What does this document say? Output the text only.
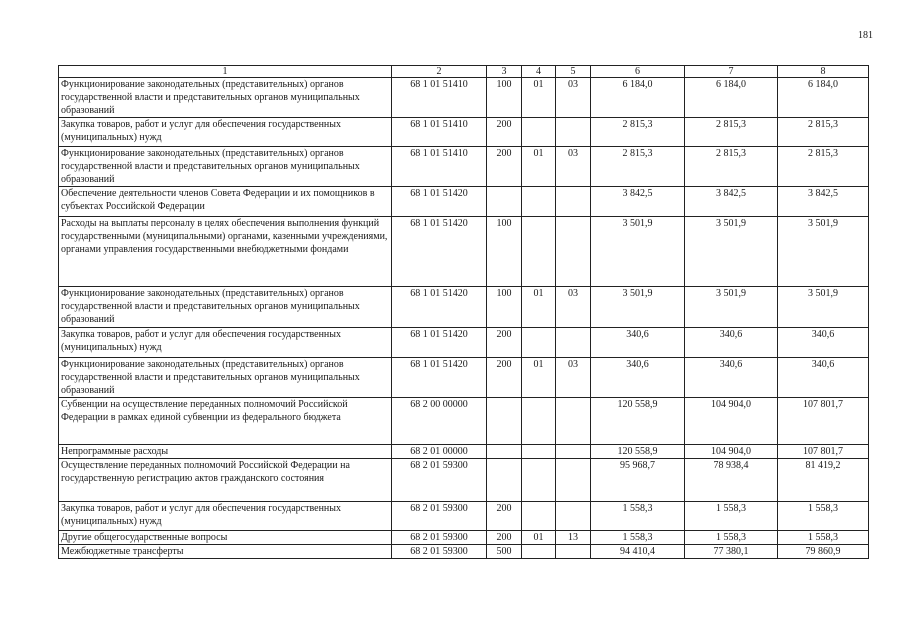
181
1	2	3	4	5	6	7	8
Функционирование законодательных (представительных) органов государственной власти и представительных органов муниципальных образований	68 1 01 51410	100	01	03	6 184,0	6 184,0	6 184,0
Закупка товаров, работ и услуг для обеспечения государственных (муниципальных) нужд	68 1 01 51410	200			2 815,3	2 815,3	2 815,3
Функционирование законодательных (представительных) органов государственной власти и представительных органов муниципальных образований	68 1 01 51410	200	01	03	2 815,3	2 815,3	2 815,3
Обеспечение деятельности членов Совета Федерации и их помощников в субъектах Российской Федерации	68 1 01 51420				3 842,5	3 842,5	3 842,5
Расходы на выплаты персоналу в целях обеспечения выполнения функций государственными (муниципальными) органами, казенными учреждениями, органами управления государственными внебюджетными фондами	68 1 01 51420	100			3 501,9	3 501,9	3 501,9
Функционирование законодательных (представительных) органов государственной власти и представительных органов муниципальных образований	68 1 01 51420	100	01	03	3 501,9	3 501,9	3 501,9
Закупка товаров, работ и услуг для обеспечения государственных (муниципальных) нужд	68 1 01 51420	200			340,6	340,6	340,6
Функционирование законодательных (представительных) органов государственной власти и представительных органов муниципальных образований	68 1 01 51420	200	01	03	340,6	340,6	340,6
Субвенции на осуществление переданных полномочий Российской Федерации в рамках единой субвенции из федерального бюджета	68 2 00 00000				120 558,9	104 904,0	107 801,7
Непрограммные расходы	68 2 01 00000				120 558,9	104 904,0	107 801,7
Осуществление переданных полномочий Российской Федерации на государственную регистрацию актов гражданского состояния	68 2 01 59300				95 968,7	78 938,4	81 419,2
Закупка товаров, работ и услуг для обеспечения государственных (муниципальных) нужд	68 2 01 59300	200			1 558,3	1 558,3	1 558,3
Другие общегосударственные вопросы	68 2 01 59300	200	01	13	1 558,3	1 558,3	1 558,3
Межбюджетные трансферты	68 2 01 59300	500			94 410,4	77 380,1	79 860,9
